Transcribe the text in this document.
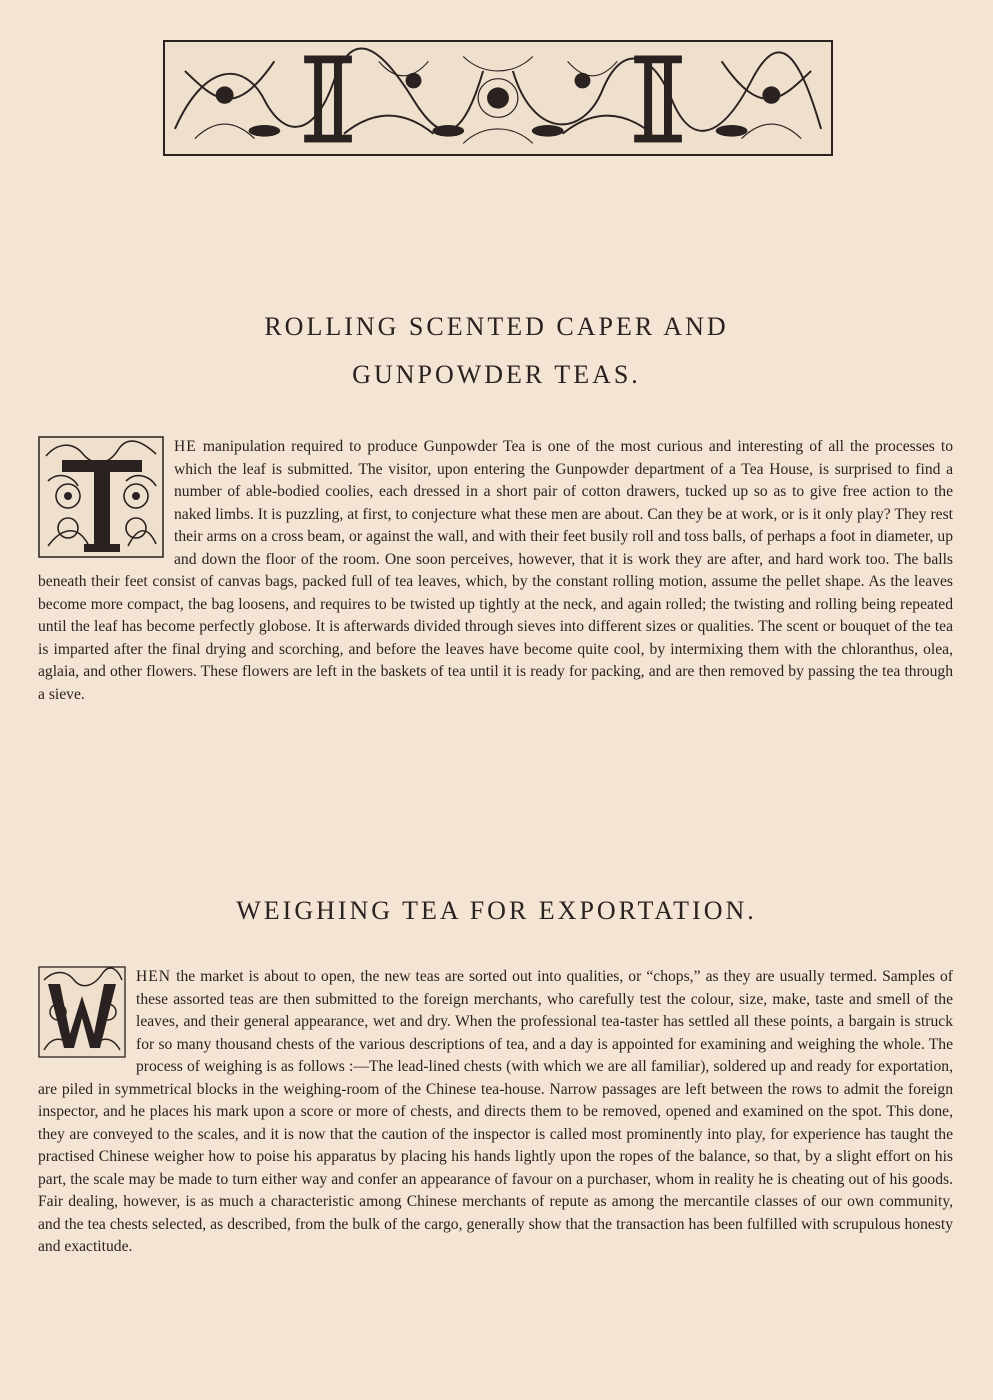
ROLLING SCENTED CAPER AND
GUNPOWDER TEAS.
HE manipulation required to produce Gunpowder Tea is one of the most curious and interesting of all the processes to which the leaf is submitted. The visitor, upon entering the Gunpowder department of a Tea House, is surprised to find a number of able-bodied coolies, each dressed in a short pair of cotton drawers, tucked up so as to give free action to the naked limbs. It is puzzling, at first, to conjecture what these men are about. Can they be at work, or is it only play? They rest their arms on a cross beam, or against the wall, and with their feet busily roll and toss balls, of perhaps a foot in diameter, up and down the floor of the room. One soon perceives, however, that it is work they are after, and hard work too. The balls beneath their feet consist of canvas bags, packed full of tea leaves, which, by the constant rolling motion, assume the pellet shape. As the leaves become more compact, the bag loosens, and requires to be twisted up tightly at the neck, and again rolled; the twisting and rolling being repeated until the leaf has become perfectly globose. It is afterwards divided through sieves into different sizes or qualities. The scent or bouquet of the tea is imparted after the final drying and scorching, and before the leaves have become quite cool, by intermixing them with the chloranthus, olea, aglaia, and other flowers. These flowers are left in the baskets of tea until it is ready for packing, and are then removed by passing the tea through a sieve.
WEIGHING TEA FOR EXPORTATION.
HEN the market is about to open, the new teas are sorted out into qualities, or “chops,” as they are usually termed. Samples of these assorted teas are then submitted to the foreign merchants, who carefully test the colour, size, make, taste and smell of the leaves, and their general appearance, wet and dry. When the professional tea-taster has settled all these points, a bargain is struck for so many thousand chests of the various descriptions of tea, and a day is appointed for examining and weighing the whole. The process of weighing is as follows :—The lead-lined chests (with which we are all familiar), soldered up and ready for exportation, are piled in symmetrical blocks in the weighing-room of the Chinese tea-house. Narrow passages are left between the rows to admit the foreign inspector, and he places his mark upon a score or more of chests, and directs them to be removed, opened and examined on the spot. This done, they are conveyed to the scales, and it is now that the caution of the inspector is called most prominently into play, for experience has taught the practised Chinese weigher how to poise his apparatus by placing his hands lightly upon the ropes of the balance, so that, by a slight effort on his part, the scale may be made to turn either way and confer an appearance of favour on a purchaser, whom in reality he is cheating out of his goods. Fair dealing, however, is as much a characteristic among Chinese merchants of repute as among the mercantile classes of our own community, and the tea chests selected, as described, from the bulk of the cargo, generally show that the transaction has been fulfilled with scrupulous honesty and exactitude.
